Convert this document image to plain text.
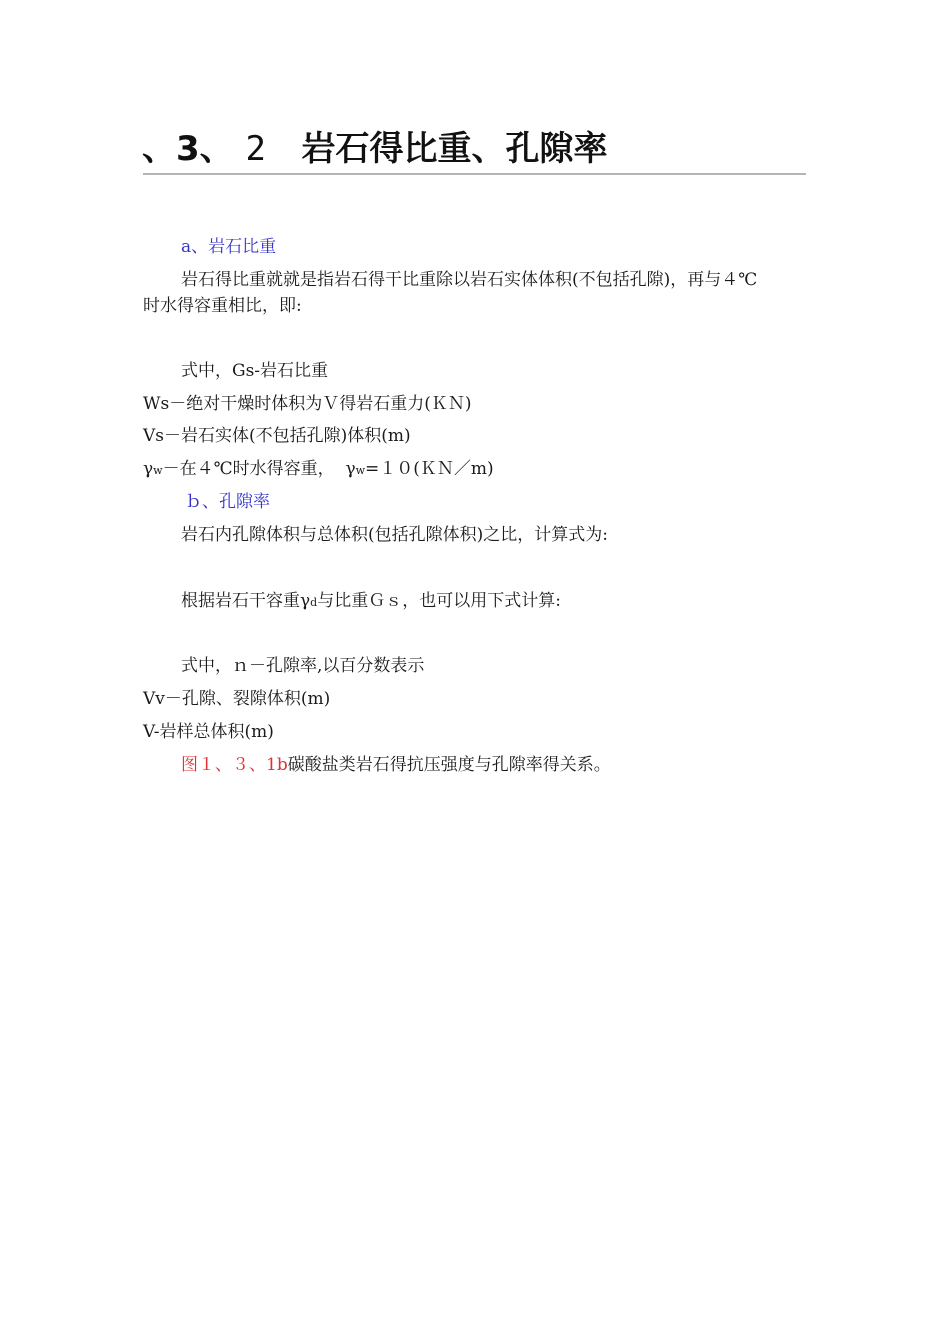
、3、 2 岩石得比重、孔隙率

a、岩石比重

岩石得比重就就是指岩石得干比重除以岩石实体体积(不包括孔隙)，再与４℃

时水得容重相比，即:

式中，Gs-岩石比重

Ws－绝对干燥时体积为Ｖ得岩石重力(ＫＮ)

Vs－岩石实体(不包括孔隙)体积(m)

γw－在４℃时水得容重， γw=１０(ＫＮ／m)

ｂ、孔隙率

岩石内孔隙体积与总体积(包括孔隙体积)之比，计算式为:

根据岩石干容重γd与比重Ｇｓ，也可以用下式计算:

式中，ｎ－孔隙率,以百分数表示

Vv－孔隙、裂隙体积(m)

V-岩样总体积(m)

图１、３、1b碳酸盐类岩石得抗压强度与孔隙率得关系。
